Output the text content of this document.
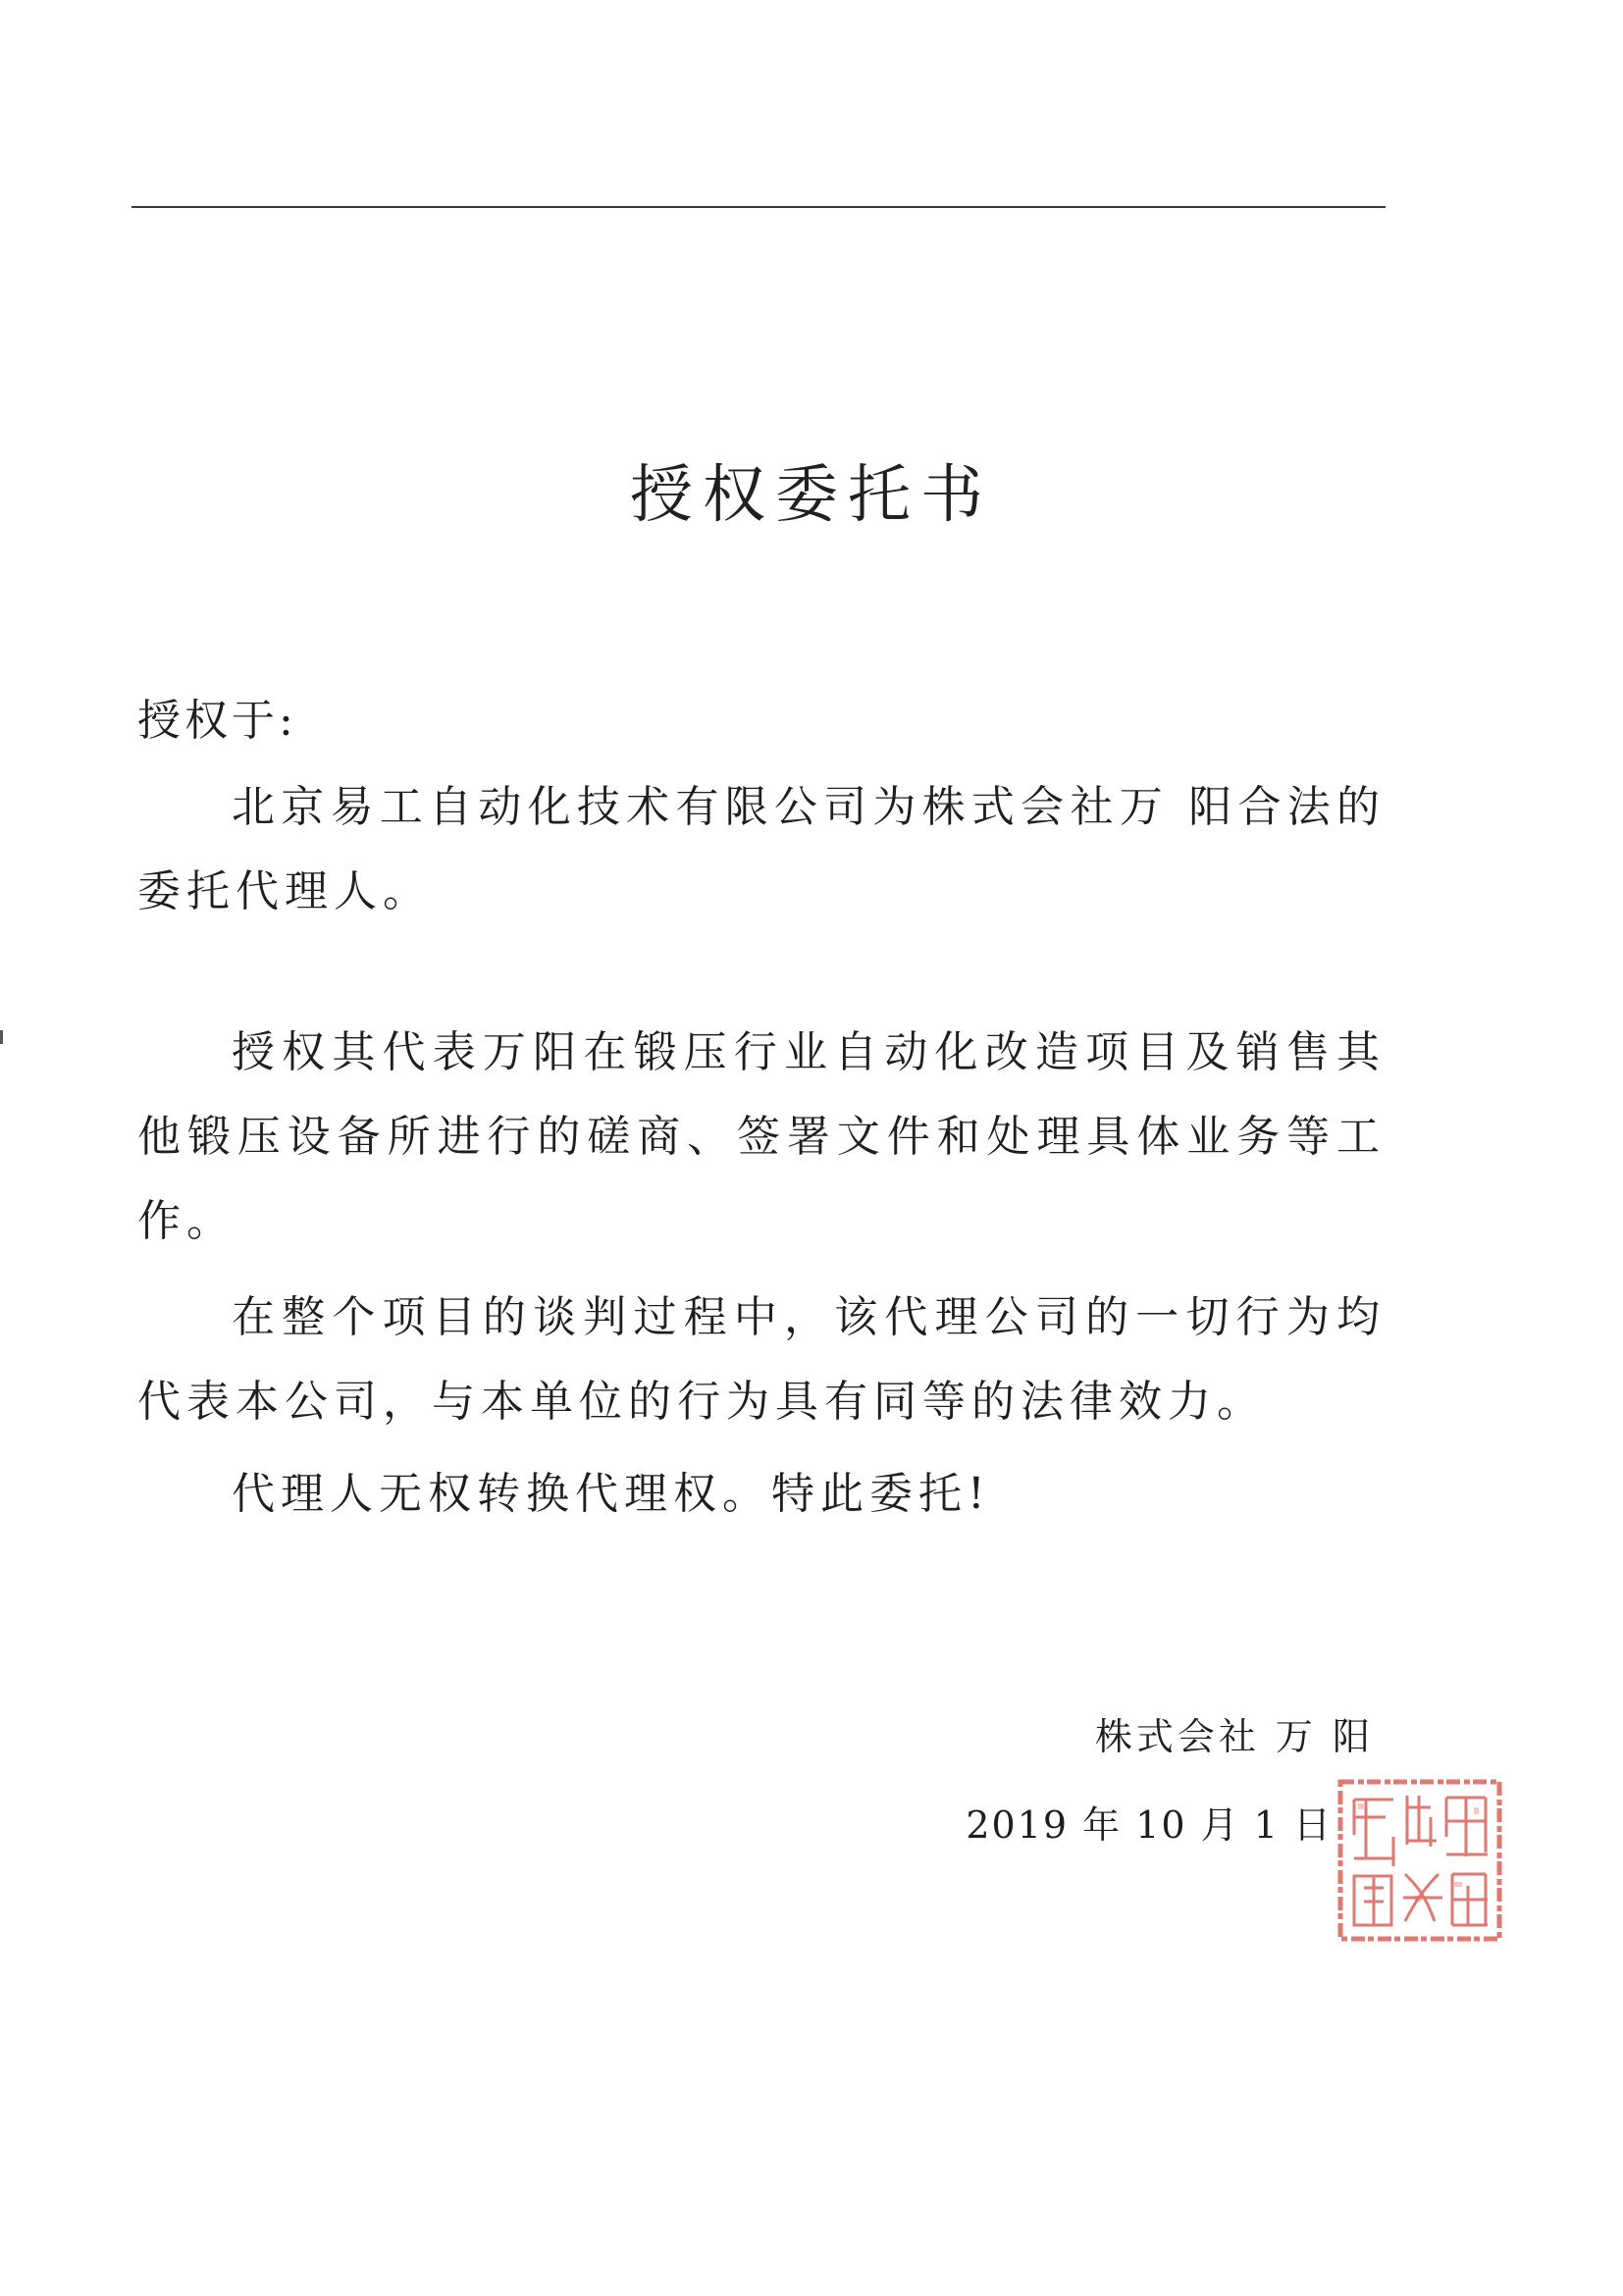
授权委托书
授权于:

北京易工自动化技术有限公司为株式会社万 阳合法的委托代理人。

授权其代表万阳在锻压行业自动化改造项目及销售其他锻压设备所进行的磋商、签署文件和处理具体业务等工作。

在整个项目的谈判过程中，该代理公司的一切行为均代表本公司，与本单位的行为具有同等的法律效力。

代理人无权转换代理权。特此委托!

株式会社 万 阳
2019 年 10 月 1 日
